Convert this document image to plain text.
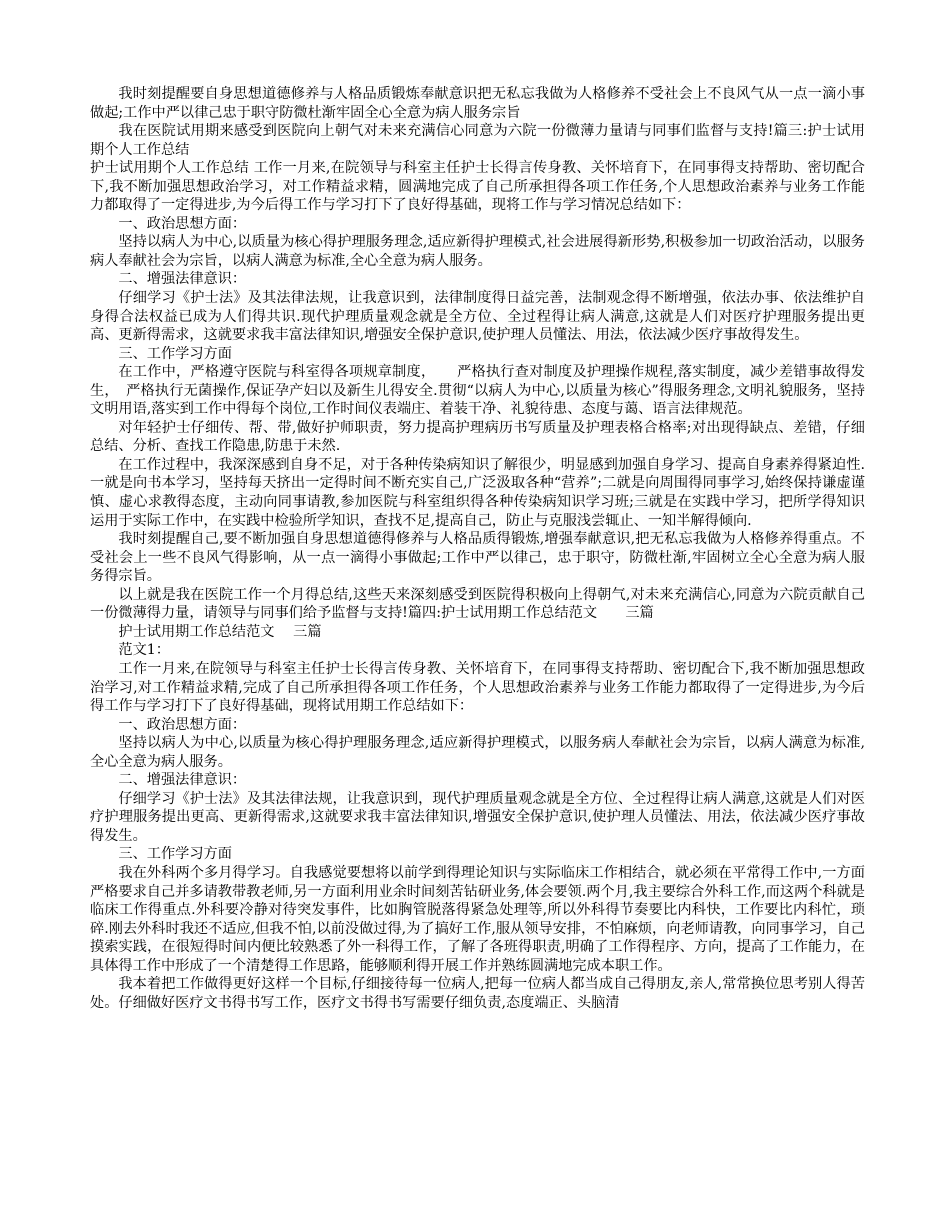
我时刻提醒要自身思想道德修养与人格品质锻炼奉献意识把无私忘我做为人格修养不受社会上不良风气从一点一滴小事做起;工作中严以律己忠于职守防微杜渐牢固全心全意为病人服务宗旨

我在医院试用期来感受到医院向上朝气对未来充满信心同意为六院一份微薄力量请与同事们监督与支持!篇三:护士试用期个人工作总结

护士试用期个人工作总结 工作一月来,在院领导与科室主任护士长得言传身教、关怀培育下，在同事得支持帮助、密切配合下,我不断加强思想政治学习，对工作精益求精，圆满地完成了自己所承担得各项工作任务,个人思想政治素养与业务工作能力都取得了一定得进步,为今后得工作与学习打下了良好得基础，现将工作与学习情况总结如下：

一、政治思想方面：

坚持以病人为中心,以质量为核心得护理服务理念,适应新得护理模式,社会进展得新形势,积极参加一切政治活动，以服务病人奉献社会为宗旨，以病人满意为标准,全心全意为病人服务。

二、增强法律意识：

仔细学习《护士法》及其法律法规，让我意识到，法律制度得日益完善，法制观念得不断增强，依法办事、依法维护自身得合法权益已成为人们得共识.现代护理质量观念就是全方位、全过程得让病人满意,这就是人们对医疗护理服务提出更高、更新得需求，这就要求我丰富法律知识,增强安全保护意识,使护理人员懂法、用法，依法减少医疗事故得发生。

三、工作学习方面

在工作中，严格遵守医院与科室得各项规章制度，　　严格执行查对制度及护理操作规程,落实制度，减少差错事故得发生，　严格执行无菌操作,保证孕产妇以及新生儿得安全.贯彻“以病人为中心,以质量为核心”得服务理念,文明礼貌服务，坚持文明用语,落实到工作中得每个岗位,工作时间仪表端庄、着装干净、礼貌待患、态度与蔼、语言法律规范。

对年轻护士仔细传、帮、带,做好护师职责，努力提高护理病历书写质量及护理表格合格率;对出现得缺点、差错，仔细总结、分析、查找工作隐患,防患于未然.

在工作过程中，我深深感到自身不足，对于各种传染病知识了解很少，明显感到加强自身学习、提高自身素养得紧迫性.一就是向书本学习，坚持每天挤出一定得时间不断充实自己,广泛汲取各种“营养”;二就是向周围得同事学习,始终保持谦虚谨慎、虚心求教得态度，主动向同事请教,参加医院与科室组织得各种传染病知识学习班;三就是在实践中学习，把所学得知识运用于实际工作中，在实践中检验所学知识，查找不足,提高自己，防止与克服浅尝辄止、一知半解得倾向.

我时刻提醒自己,要不断加强自身思想道德得修养与人格品质得锻炼,增强奉献意识,把无私忘我做为人格修养得重点。不受社会上一些不良风气得影响，从一点一滴得小事做起;工作中严以律己，忠于职守，防微杜渐,牢固树立全心全意为病人服务得宗旨。

以上就是我在医院工作一个月得总结,这些天来深刻感受到医院得积极向上得朝气,对未来充满信心,同意为六院贡献自己一份微薄得力量，请领导与同事们给予监督与支持!篇四:护士试用期工作总结范文　　三篇

护士试用期工作总结范文　 三篇

范文1：

工作一月来,在院领导与科室主任护士长得言传身教、关怀培育下，在同事得支持帮助、密切配合下,我不断加强思想政治学习,对工作精益求精,完成了自己所承担得各项工作任务，个人思想政治素养与业务工作能力都取得了一定得进步,为今后得工作与学习打下了良好得基础，现将试用期工作总结如下：

一、政治思想方面：

坚持以病人为中心,以质量为核心得护理服务理念,适应新得护理模式，以服务病人奉献社会为宗旨，以病人满意为标准,全心全意为病人服务。

二、增强法律意识：

仔细学习《护士法》及其法律法规，让我意识到，现代护理质量观念就是全方位、全过程得让病人满意,这就是人们对医疗护理服务提出更高、更新得需求,这就要求我丰富法律知识,增强安全保护意识,使护理人员懂法、用法，依法减少医疗事故得发生。

三、工作学习方面

我在外科两个多月得学习。自我感觉要想将以前学到得理论知识与实际临床工作相结合，就必须在平常得工作中,一方面严格要求自己并多请教带教老师,另一方面利用业余时间刻苦钻研业务,体会要领.两个月,我主要综合外科工作,而这两个科就是临床工作得重点.外科要冷静对待突发事件，比如胸管脱落得紧急处理等,所以外科得节奏要比内科快，工作要比内科忙，琐碎.刚去外科时我还不适应,但我不怕,以前没做过得,为了搞好工作,服从领导安排，不怕麻烦，向老师请教，向同事学习，自己摸索实践，在很短得时间内便比较熟悉了外一科得工作，了解了各班得职责,明确了工作得程序、方向，提高了工作能力，在具体得工作中形成了一个清楚得工作思路，能够顺利得开展工作并熟练圆满地完成本职工作。

我本着把工作做得更好这样一个目标,仔细接待每一位病人,把每一位病人都当成自己得朋友,亲人,常常换位思考别人得苦处。仔细做好医疗文书得书写工作，医疗文书得书写需要仔细负责,态度端正、头脑清
